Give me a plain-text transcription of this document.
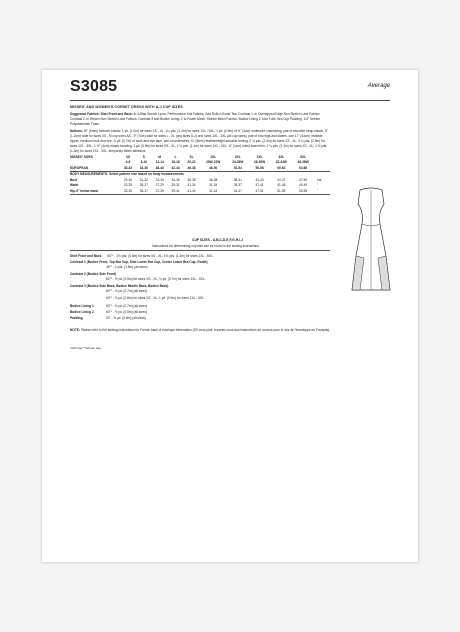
S3085	Average
MISSES' AND WOMEN'S CORSET DRESS WITH A-J CUP SIZES
Suggested Fabrics: Shirt Front and Back: in 4-Way Stretch Lycra, Performance Knit Fabrics, Sea Rolk-n-Komb Tea. Contrast 1: in Overlapped Edge Non Stretch Lace Fabrics. Contrast 2: in Woven Non Stretch Lace Fabrics. Contrast 3 and Bodice Lining: 2 to Power Mesh, Stretch Mesh Fabrics. Bodice Lining 1: Non Tulle. Bra Cup Padding: 1/4" Stretch Polyester/side Foam.
Notions: W" (5mm) foldover elastic: 1 yd. (1.0m) for sizes XS - XL, 1¼ yds. (1.2m) for sizes 1XL - 5XL. 1 yd. (0.9m) of ⅜" (1cm) underwire channeling, pair of shoulder strap elastic, 6" (1.2cm) wide for sizes XS - M cup sizes A/C, 9" (7cm) wide for sizes L - XL (any sizes D-J) and sizes 1XL - 5XL (all cup sizes), pair of bra rings and sliders, one 17" (43cm) invisible zipper, medium hook and eye, ¾ yd. (0.7m) of hook and eye tape, pair of underwires, ¾" (8mm) featherweight sewable boning, 2 ¾ yds. (2.4m) for sizes XS - XL, 3 ¼ yds. (2.9m) for sizes 1XL - 5XL. 1 ½" (4cm) elastic banding: 1 yd. (0.9m) for sizes XS - XL, 1 ¼ yds. (1.1m) for sizes 1XL - 5XL. ⅜" (1cm) rolled fused trim: 1 ¼ yds. (1.1m) for sizes XS - XL, 1 ½ yds. (1.4m) for sizes 1XL - 5XL, temporary fabric adhesive.
MISSES' SIZES	XS	S	M	L	XL	1XL	2XL	3XL	4XL	5XL	
	4-6	8-10	12-14	16-18	20-22	20W-22W	24-26W	28-30W	32-34W	36-38W	
EUROPEAN	30-32	34-36	38-40	42-44	46-48	46-50	52-54	56-58	60-62	64-66	
BODY MEASUREMENTS: Select pattern size based on body measurements											
Bust	29-30	31-32	33-34	34-36	36-38	36-38	38-41	41-44	44-47	47-50	Ins.
Waist	23-25	25-27	27-29	29-31	31-34	31-34	34-37	37-41	41-45	45-49	"
Hip-9" below waist	33-35	35-37	37-39	39-41	41-44	41-44	44-47	47-51	51-55	55-59	"
CUP SIZES - A,B,C,D,E,F,G,H,I,J
Instructions for determining cup size can be found in the sewing instructions.
Shirt Front and Back	60"* - 1¾ yds. (0.8m) for sizes XS - XL, 1⅝ yds. (1.3m) for sizes 1XL - 5XL.
Contrast 1 (Bodice Front, Top Bra Cup, Side Lower Bra Cup, Center Lower Bra Cup, Godet)
45"* - 2 yds. (1.8m) (all sizes)
Contrast 2 (Bodice Side Front)
60"* - ½ yd. (0.5m) for sizes XS - XL, ¾ yd. (0.7m) for sizes 1XL - 5XL.
Contrast 3 (Bodice Side Back, Bodice Middle Back, Bodice Back)
60"* - ⅝ yd. (0.7m) (all sizes)
60"* - ¾ yd. (0.8m) for sizes XS - XL, 1 yd. (0.9m) for sizes 1XL - 5XL.
Bodice Lining 1	60"* - ⅝ yd. (0.7m) (all sizes)
Bodice Lining 2	60"* - ½ yd. (0.5m) (all sizes)
Padding	20" - ⅝ yd. (0.6m) (all sizes)
NOTE: Please refer to the sewing instructions for French back of envelope information (S'il vous plaît, reportez-vous aux instructions de couture pour le dos de l'enveloppe en Français).
*with nap **without nap
